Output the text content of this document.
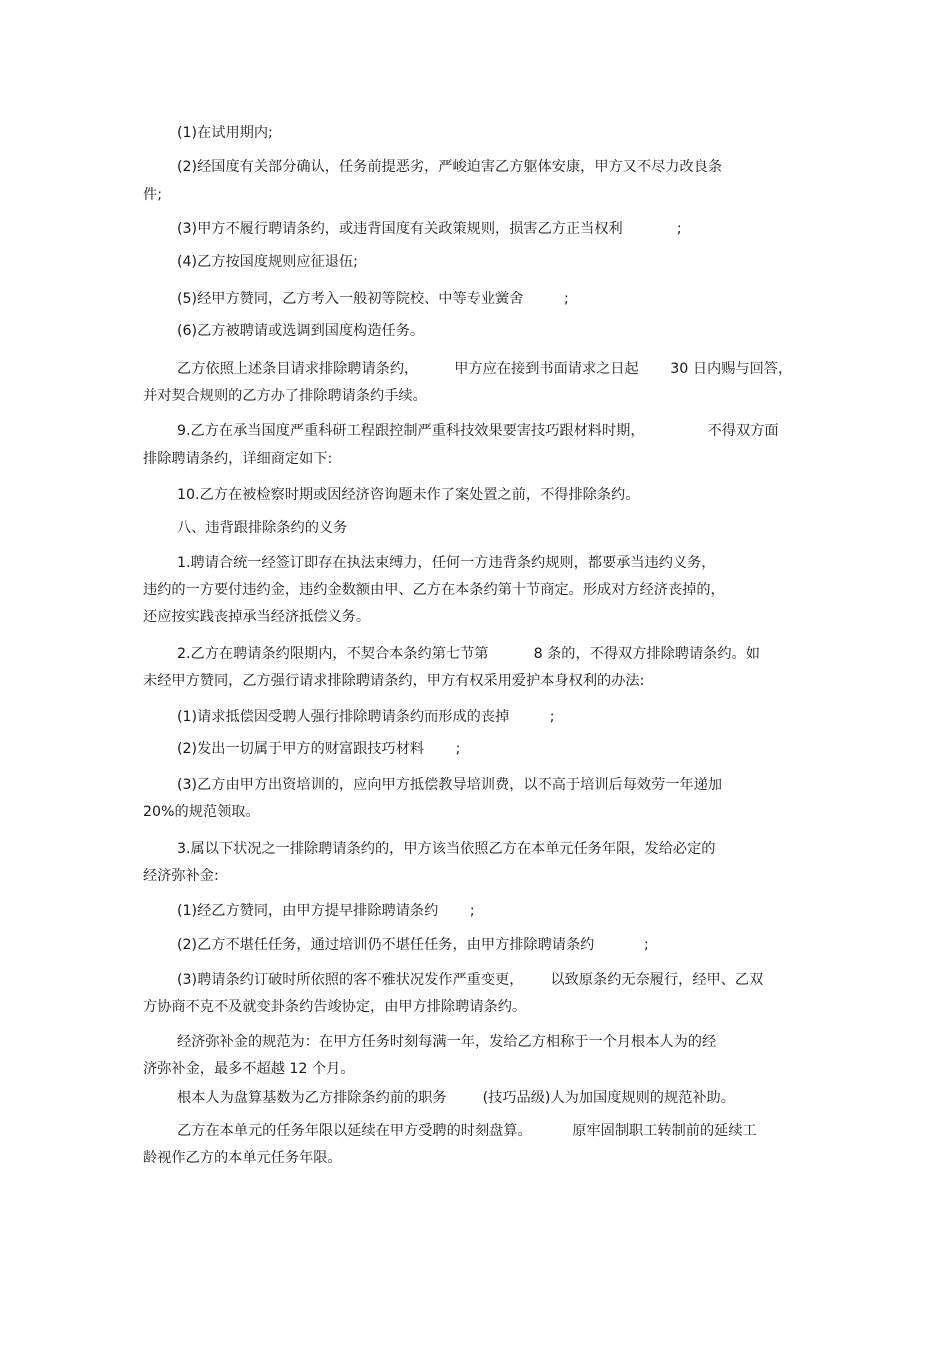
(1)在试用期内;
(2)经国度有关部分确认，任务前提恶劣，严峻迫害乙方躯体安康，甲方又不尽力改良条
件;
(3)甲方不履行聘请条约，或违背国度有关政策规则，损害乙方正当权利            ;
(4)乙方按国度规则应征退伍;
(5)经甲方赞同，乙方考入一般初等院校、中等专业黉舍         ;
(6)乙方被聘请或选调到国度构造任务。
乙方依照上述条目请求排除聘请条约，        甲方应在接到书面请求之日起       30 日内赐与回答，
并对契合规则的乙方办了排除聘请条约手续。
9.乙方在承当国度严重科研工程跟控制严重科技效果要害技巧跟材料时期，              不得双方面
排除聘请条约，详细商定如下:
10.乙方在被检察时期或因经济咨询题未作了案处置之前，不得排除条约。
八、违背跟排除条约的义务
1.聘请合统一经签订即存在执法束缚力，任何一方违背条约规则，都要承当违约义务，
违约的一方要付违约金，违约金数额由甲、乙方在本条约第十节商定。形成对方经济丧掉的，
还应按实践丧掉承当经济抵偿义务。
2.乙方在聘请条约限期内，不契合本条约第七节第          8 条的，不得双方排除聘请条约。如
未经甲方赞同，乙方强行请求排除聘请条约，甲方有权采用爱护本身权利的办法:
(1)请求抵偿因受聘人强行排除聘请条约而形成的丧掉         ;
(2)发出一切属于甲方的财富跟技巧材料       ;
(3)乙方由甲方出资培训的，应向甲方抵偿教导培训费，以不高于培训后每效劳一年递加
20%的规范领取。
3.属以下状况之一排除聘请条约的，甲方该当依照乙方在本单元任务年限，发给必定的
经济弥补金:
(1)经乙方赞同，由甲方提早排除聘请条约       ;
(2)乙方不堪任任务，通过培训仍不堪任任务，由甲方排除聘请条约           ;
(3)聘请条约订破时所依照的客不雅状况发作严重变更，      以致原条约无奈履行，经甲、乙双
方协商不克不及就变卦条约告竣协定，由甲方排除聘请条约。
经济弥补金的规范为：在甲方任务时刻每满一年，发给乙方相称于一个月根本人为的经
济弥补金，最多不超越 12 个月。
根本人为盘算基数为乙方排除条约前的职务        (技巧品级)人为加国度规则的规范补助。
乙方在本单元的任务年限以延续在甲方受聘的时刻盘算。         原牢固制职工转制前的延续工
龄视作乙方的本单元任务年限。
